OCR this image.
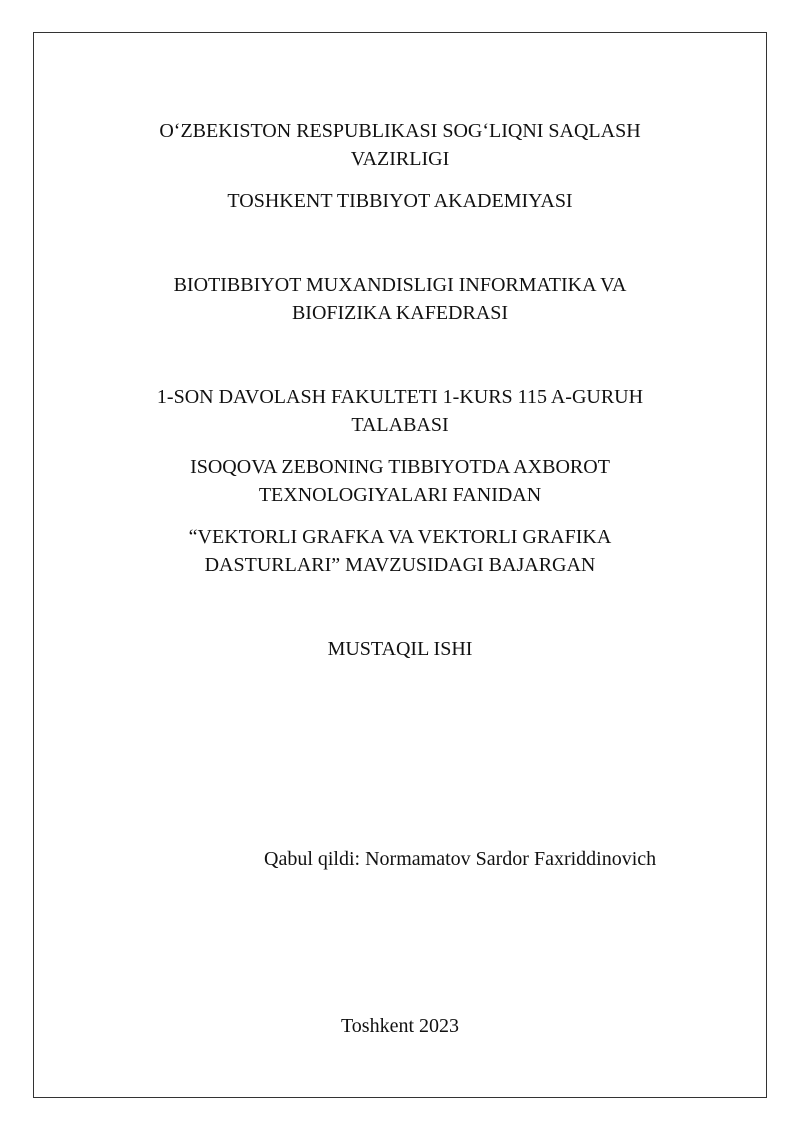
O‘ZBEKISTON RESPUBLIKASI SOG‘LIQNI SAQLASH
VAZIRLIGI
TOSHKENT TIBBIYOT AKADEMIYASI
BIOTIBBIYOT MUXANDISLIGI INFORMATIKA VA
BIOFIZIKA KAFEDRASI
1-SON DAVOLASH FAKULTETI 1-KURS 115 A-GURUH
TALABASI
ISOQOVA ZEBONING TIBBIYOTDA AXBOROT
TEXNOLOGIYALARI FANIDAN
“VEKTORLI GRAFKA VA VEKTORLI GRAFIKA
DASTURLARI” MAVZUSIDAGI BAJARGAN
MUSTAQIL ISHI
Qabul qildi: Normamatov Sardor Faxriddinovich
Toshkent 2023
